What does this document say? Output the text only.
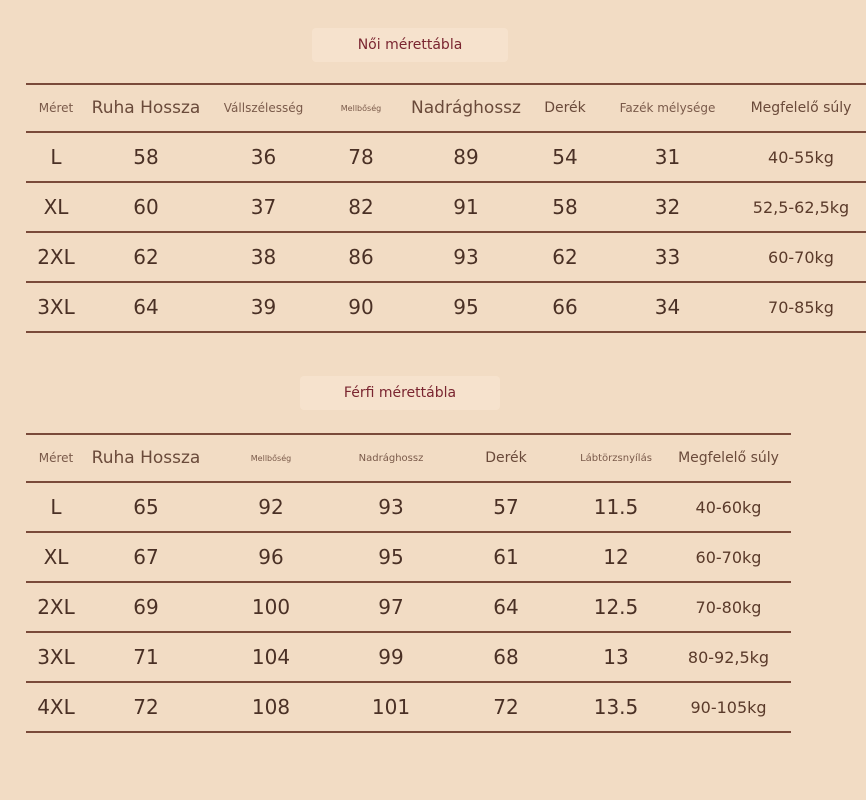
Női mérettábla
Méret	Ruha Hossza	Vállszélesség	Mellbőség	Nadrághossz	Derék	Fazék mélysége	Megfelelő súly
L	58	36	78	89	54	31	40-55kg
XL	60	37	82	91	58	32	52,5-62,5kg
2XL	62	38	86	93	62	33	60-70kg
3XL	64	39	90	95	66	34	70-85kg
Férfi mérettábla
Méret	Ruha Hossza	Mellbőség	Nadrághossz	Derék	Lábtörzsnyílás	Megfelelő súly
L	65	92	93	57	11.5	40-60kg
XL	67	96	95	61	12	60-70kg
2XL	69	100	97	64	12.5	70-80kg
3XL	71	104	99	68	13	80-92,5kg
4XL	72	108	101	72	13.5	90-105kg
